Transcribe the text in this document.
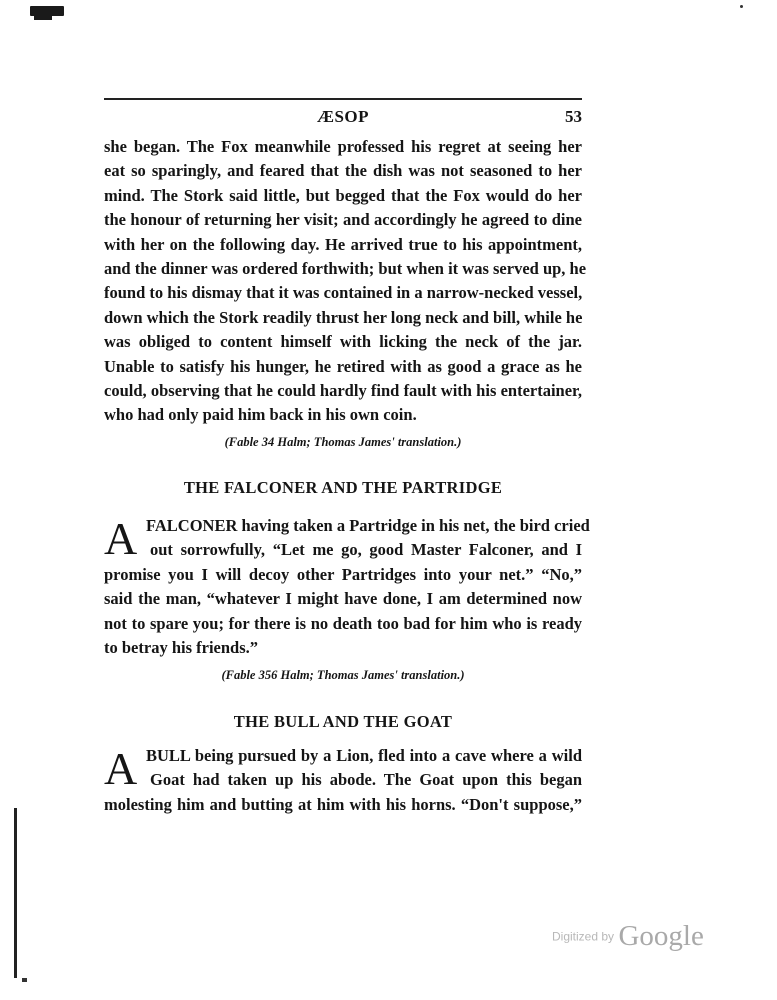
ÆSOP	53
she began. The Fox meanwhile professed his regret at seeing her
eat so sparingly, and feared that the dish was not seasoned to her
mind. The Stork said little, but begged that the Fox would do her
the honour of returning her visit; and accordingly he agreed to dine
with her on the following day. He arrived true to his appointment,
and the dinner was ordered forthwith; but when it was served up, he
found to his dismay that it was contained in a narrow-necked vessel,
down which the Stork readily thrust her long neck and bill, while he
was obliged to content himself with licking the neck of the jar.
Unable to satisfy his hunger, he retired with as good a grace as he
could, observing that he could hardly find fault with his entertainer,
who had only paid him back in his own coin.
(Fable 34 Halm; Thomas James' translation.)
THE FALCONER AND THE PARTRIDGE
A FALCONER having taken a Partridge in his net, the bird cried
out sorrowfully, “Let me go, good Master Falconer, and I
promise you I will decoy other Partridges into your net.” “No,”
said the man, “whatever I might have done, I am determined now
not to spare you; for there is no death too bad for him who is ready
to betray his friends.”
(Fable 356 Halm; Thomas James' translation.)
THE BULL AND THE GOAT
A BULL being pursued by a Lion, fled into a cave where a wild
Goat had taken up his abode. The Goat upon this began
molesting him and butting at him with his horns. “Don't suppose,”
Digitized by Google
